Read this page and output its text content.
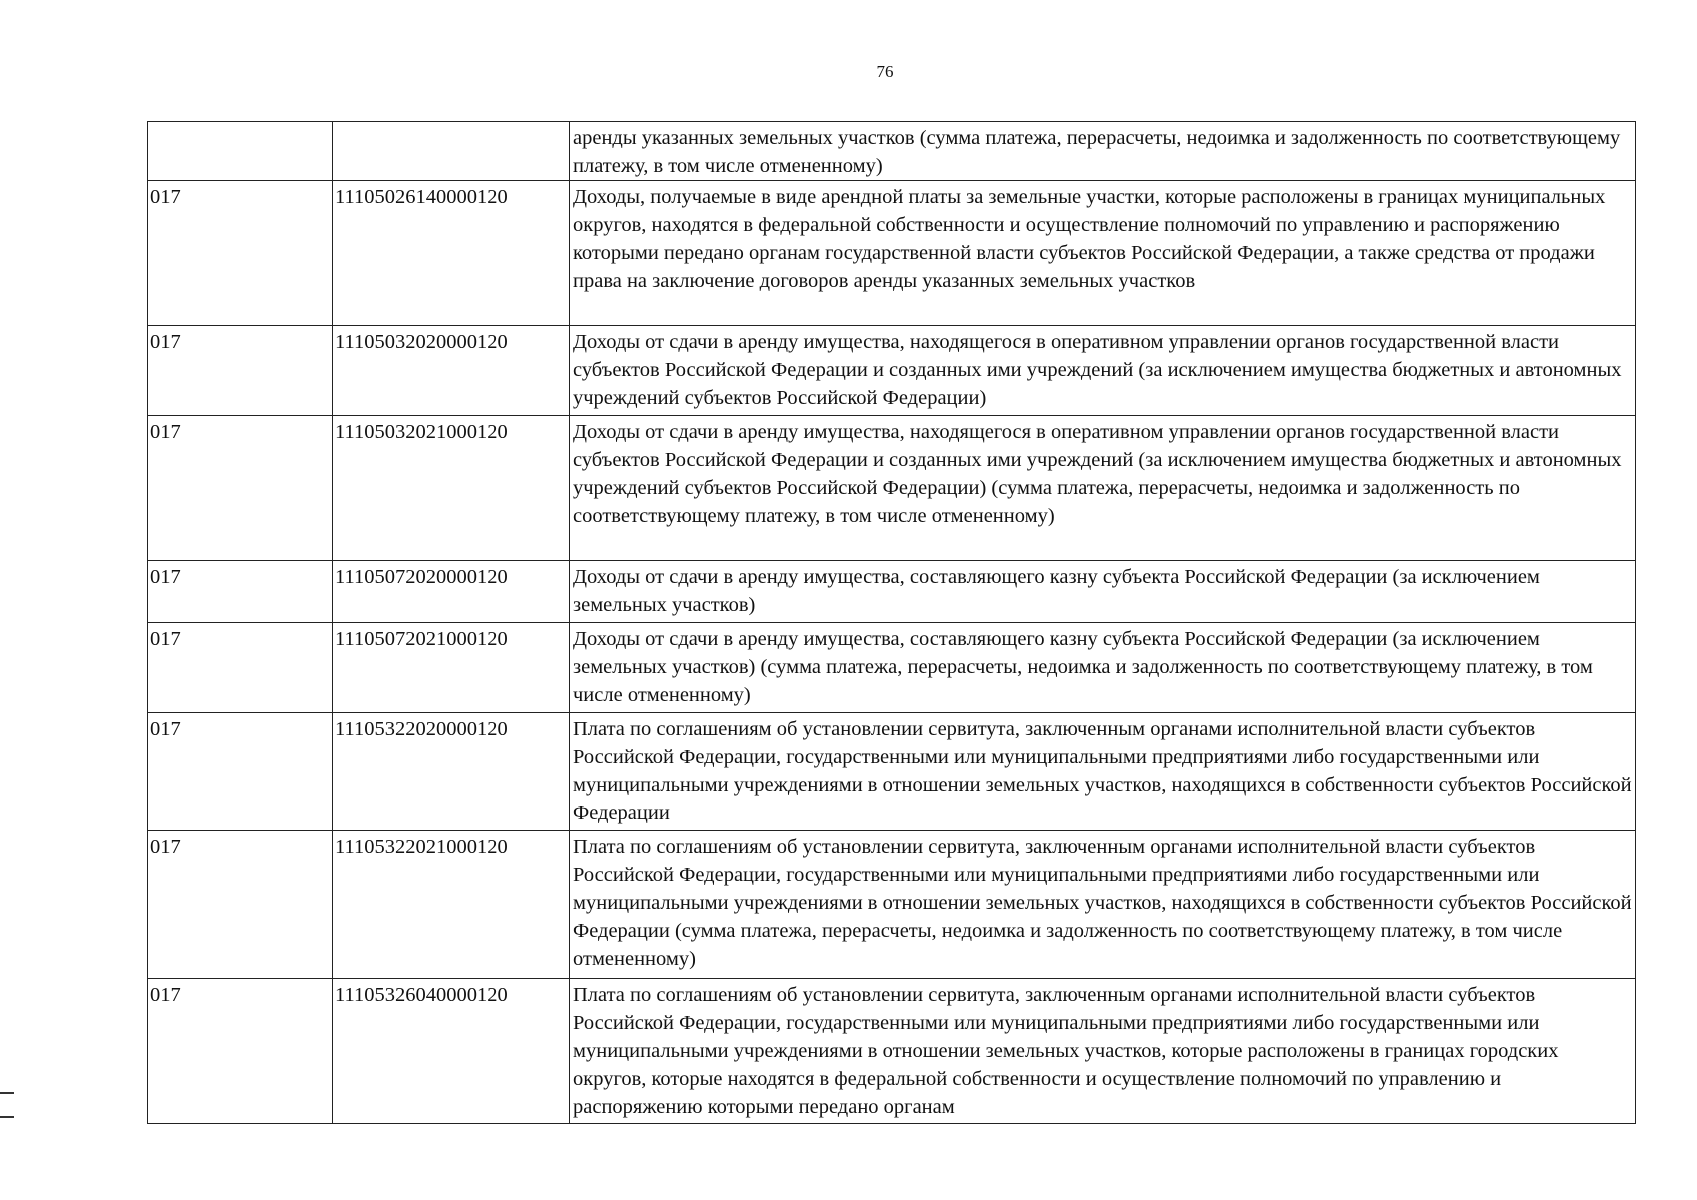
76
		аренды указанных земельных участков (сумма платежа, перерасчеты, недоимка и задолженность по соответствующему платежу, в том числе отмененному)
017	11105026140000120	Доходы, получаемые в виде арендной платы за земельные участки, которые расположены в границах муниципальных округов, находятся в федеральной собственности и осуществление полномочий по управлению и распоряжению которыми передано органам государственной власти субъектов Российской Федерации, а также средства от продажи права на заключение договоров аренды указанных земельных участков
017	11105032020000120	Доходы от сдачи в аренду имущества, находящегося в оперативном управлении органов государственной власти субъектов Российской Федерации и созданных ими учреждений (за исключением имущества бюджетных и автономных учреждений субъектов Российской Федерации)
017	11105032021000120	Доходы от сдачи в аренду имущества, находящегося в оперативном управлении органов государственной власти субъектов Российской Федерации и созданных ими учреждений (за исключением имущества бюджетных и автономных учреждений субъектов Российской Федерации) (сумма платежа, перерасчеты, недоимка и задолженность по соответствующему платежу, в том числе отмененному)
017	11105072020000120	Доходы от сдачи в аренду имущества, составляющего казну субъекта Российской Федерации (за исключением земельных участков)
017	11105072021000120	Доходы от сдачи в аренду имущества, составляющего казну субъекта Российской Федерации (за исключением земельных участков) (сумма платежа, перерасчеты, недоимка и задолженность по соответствующему платежу, в том числе отмененному)
017	11105322020000120	Плата по соглашениям об установлении сервитута, заключенным органами исполнительной власти субъектов Российской Федерации, государственными или муниципальными предприятиями либо государственными или муниципальными учреждениями в отношении земельных участков, находящихся в собственности субъектов Российской Федерации
017	11105322021000120	Плата по соглашениям об установлении сервитута, заключенным органами исполнительной власти субъектов Российской Федерации, государственными или муниципальными предприятиями либо государственными или муниципальными учреждениями в отношении земельных участков, находящихся в собственности субъектов Российской Федерации (сумма платежа, перерасчеты, недоимка и задолженность по соответствующему платежу, в том числе отмененному)
017	11105326040000120	Плата по соглашениям об установлении сервитута, заключенным органами исполнительной власти субъектов Российской Федерации, государственными или муниципальными предприятиями либо государственными или муниципальными учреждениями в отношении земельных участков, которые расположены в границах городских округов, которые находятся в федеральной собственности и осуществление полномочий по управлению и распоряжению которыми передано органам
